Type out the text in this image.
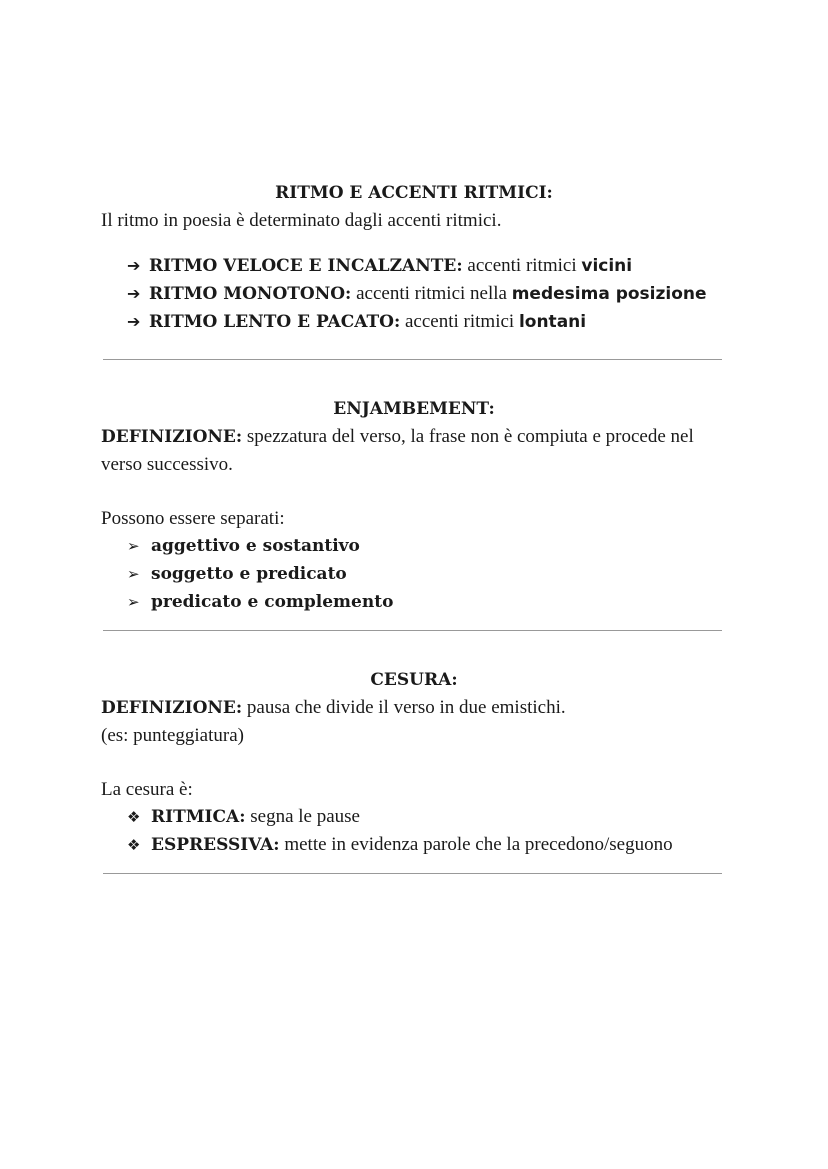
RITMO E ACCENTI RITMICI:

Il ritmo in poesia è determinato dagli accenti ritmici.

➔ RITMO VELOCE E INCALZANTE: accenti ritmici vicini
➔ RITMO MONOTONO: accenti ritmici nella medesima posizione
➔ RITMO LENTO E PACATO: accenti ritmici lontani
ENJAMBEMENT:

DEFINIZIONE: spezzatura del verso, la frase non è compiuta e procede nel verso successivo.

Possono essere separati:

➢ aggettivo e sostantivo
➢ soggetto e predicato
➢ predicato e complemento
CESURA:

DEFINIZIONE: pausa che divide il verso in due emistichi.

(es: punteggiatura)

La cesura è:

❖ RITMICA: segna le pause
❖ ESPRESSIVA: mette in evidenza parole che la precedono/seguono
